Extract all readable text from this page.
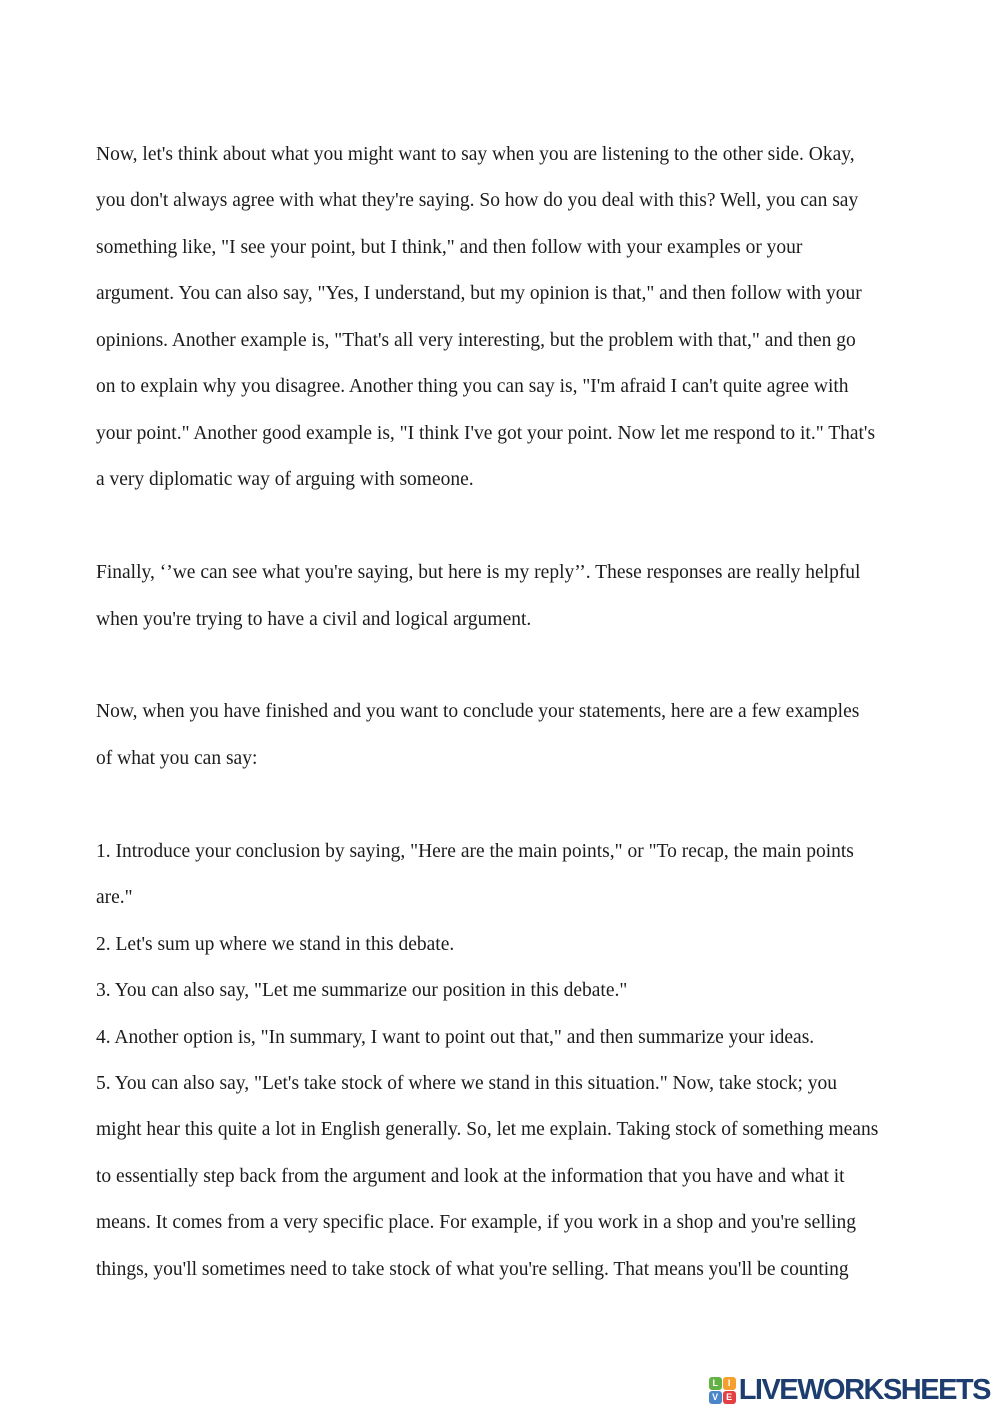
Now, let's think about what you might want to say when you are listening to the other side. Okay,
you don't always agree with what they're saying. So how do you deal with this? Well, you can say
something like, "I see your point, but I think," and then follow with your examples or your
argument. You can also say, "Yes, I understand, but my opinion is that," and then follow with your
opinions. Another example is, "That's all very interesting, but the problem with that," and then go
on to explain why you disagree. Another thing you can say is, "I'm afraid I can't quite agree with
your point." Another good example is, "I think I've got your point. Now let me respond to it." That's
a very diplomatic way of arguing with someone.
Finally, ‘’we can see what you're saying, but here is my reply’’. These responses are really helpful
when you're trying to have a civil and logical argument.
Now, when you have finished and you want to conclude your statements, here are a few examples
of what you can say:
1. Introduce your conclusion by saying, "Here are the main points," or "To recap, the main points
are."
2. Let's sum up where we stand in this debate.
3. You can also say, "Let me summarize our position in this debate."
4. Another option is, "In summary, I want to point out that," and then summarize your ideas.
5. You can also say, "Let's take stock of where we stand in this situation." Now, take stock; you
might hear this quite a lot in English generally. So, let me explain. Taking stock of something means
to essentially step back from the argument and look at the information that you have and what it
means. It comes from a very specific place. For example, if you work in a shop and you're selling
things, you'll sometimes need to take stock of what you're selling. That means you'll be counting
L	I
V E LIVEWORKSHEETS
